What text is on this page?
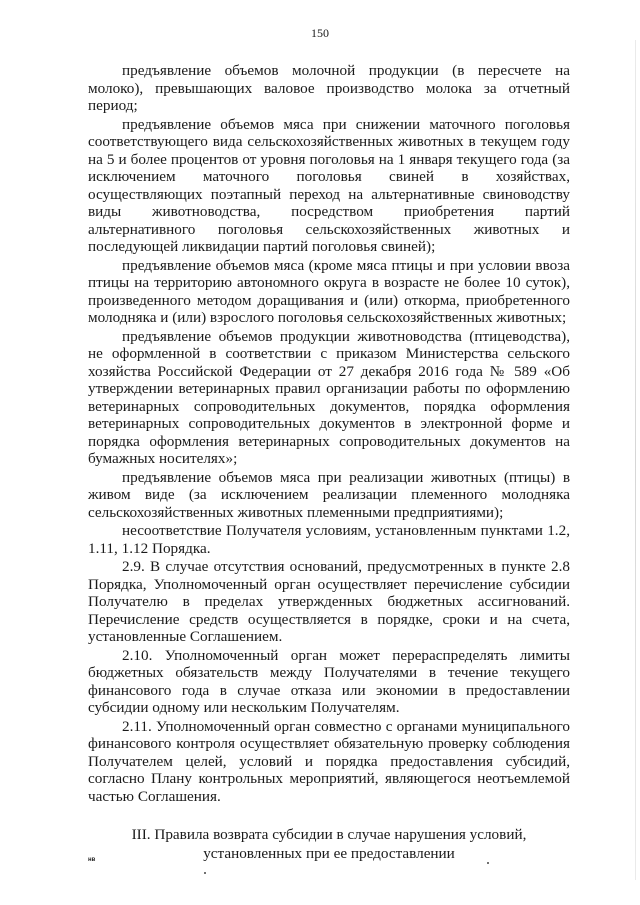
150

предъявление объемов молочной продукции (в пересчете на молоко), превышающих валовое производство молока за отчетный период;

предъявление объемов мяса при снижении маточного поголовья соответствующего вида сельскохозяйственных животных в текущем году на 5 и более процентов от уровня поголовья на 1 января текущего года (за исключением маточного поголовья свиней в хозяйствах, осуществляющих поэтапный переход на альтернативные свиноводству виды животноводства, посредством приобретения партий альтернативного поголовья сельскохозяйственных животных и последующей ликвидации партий поголовья свиней);

предъявление объемов мяса (кроме мяса птицы и при условии ввоза птицы на территорию автономного округа в возрасте не более 10 суток), произведенного методом доращивания и (или) откорма, приобретенного молодняка и (или) взрослого поголовья сельскохозяйственных животных;

предъявление объемов продукции животноводства (птицеводства), не оформленной в соответствии с приказом Министерства сельского хозяйства Российской Федерации от 27 декабря 2016 года № 589 «Об утверждении ветеринарных правил организации работы по оформлению ветеринарных сопроводительных документов, порядка оформления ветеринарных сопроводительных документов в электронной форме и порядка оформления ветеринарных сопроводительных документов на бумажных носителях»;

предъявление объемов мяса при реализации животных (птицы) в живом виде (за исключением реализации племенного молодняка сельскохозяйственных животных племенными предприятиями);

несоответствие Получателя условиям, установленным пунктами 1.2, 1.11, 1.12 Порядка.

2.9. В случае отсутствия оснований, предусмотренных в пункте 2.8 Порядка, Уполномоченный орган осуществляет перечисление субсидии Получателю в пределах утвержденных бюджетных ассигнований. Перечисление средств осуществляется в порядке, сроки и на счета, установленные Соглашением.

2.10. Уполномоченный орган может перераспределять лимиты бюджетных обязательств между Получателями в течение текущего финансового года в случае отказа или экономии в предоставлении субсидии одному или нескольким Получателям.

2.11. Уполномоченный орган совместно с органами муниципального финансового контроля осуществляет обязательную проверку соблюдения Получателем целей, условий и порядка предоставления субсидий, согласно Плану контрольных мероприятий, являющегося неотъемлемой частью Соглашения.

III. Правила возврата субсидии в случае нарушения условий,
установленных при ее предоставлении
нв
